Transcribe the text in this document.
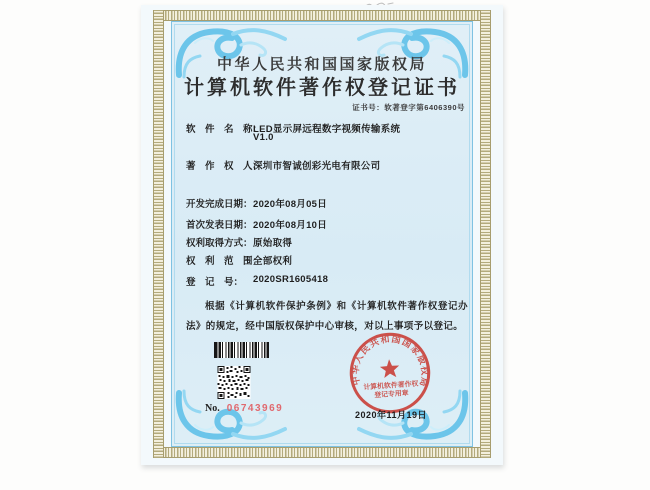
中华人民共和国国家版权局
计算机软件著作权登记证书
证书号：软著登字第6406390号
软　件　名　称：
LED显示屏远程数字视频传输系统
V1.0
著　作　权　人：
深圳市智诚创彩光电有限公司
开发完成日期： 2020年08月05日
首次发表日期： 2020年08月10日
权利取得方式： 原始取得
权　利　范　围：
全部权利
登　记　号：	2020SR1605418
根据《计算机软件保护条例》和《计算机软件著作权登记办法》的规定，经中国版权保护中心审核，对以上事项予以登记。
No. 06743969
中华人民共和国国家版权局
计算机软件著作权
登记专用章
2020年11月19日
